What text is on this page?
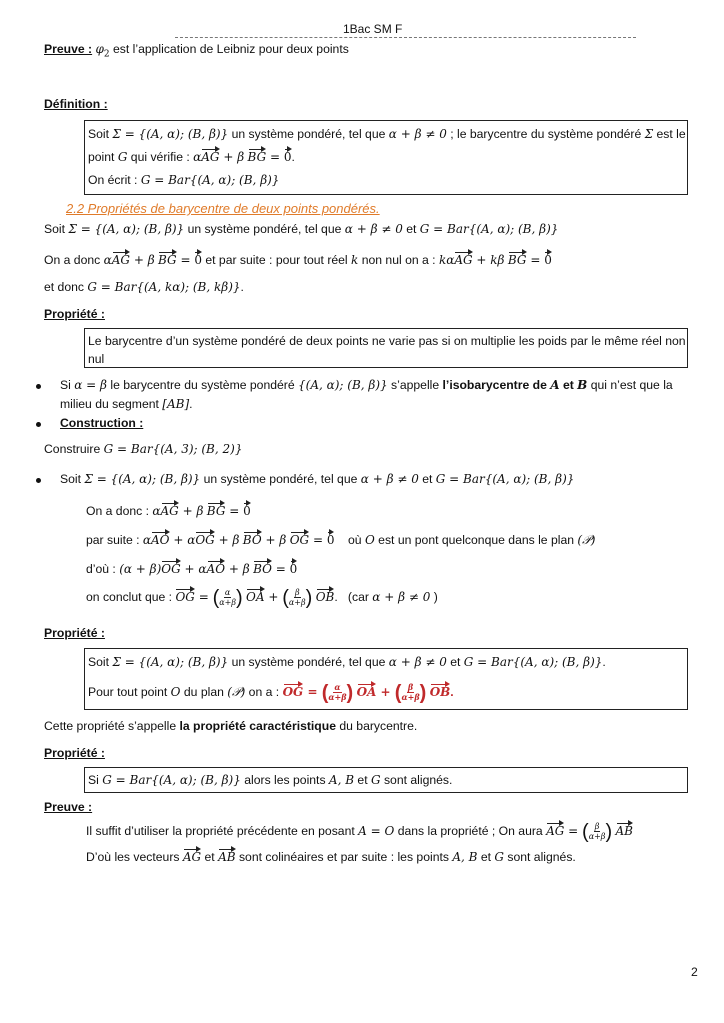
1Bac SM F
Preuve : $\varphi_2$ est l’application de Leibniz pour deux points
Définition :
Soit Σ = {(A, α); (B, β)} un système pondéré, tel que α + β ≠ 0 ; le barycentre du système pondéré Σ est le
point G qui vérifie : αAG + β BG = 0.
On écrit : G = Bar{(A, α); (B, β)}
2.2 Propriétés de barycentre de deux points pondérés.
Soit Σ = {(A, α); (B, β)} un système pondéré, tel que α + β ≠ 0 et G = Bar{(A, α); (B, β)}
On a donc αAG + β BG = 0 et par suite : pour tout réel k non nul on a : kαAG + kβ BG = 0
et donc G = Bar{(A, kα); (B, kβ)}.
Propriété :
Le barycentre d’un système pondéré de deux points ne varie pas si on multiplie les poids par le même réel non
nul
Si α = β le barycentre du système pondéré {(A, α); (B, β)} s’appelle l’isobarycentre de A et B qui n’est que la
milieu du segment [AB].
Construction :
Construire G = Bar{(A, 3); (B, 2)}
Soit Σ = {(A, α); (B, β)} un système pondéré, tel que α + β ≠ 0 et G = Bar{(A, α); (B, β)}
On a donc : αAG + β BG = 0
par suite : αAO + αOG + β BO + β OG = 0 où O est un pont quelconque dans le plan (𝒫)
d’où : (α + β)OG + αAO + β BO = 0
on conclut que : OG = ( $\frac{\alpha}{\alpha+\beta}$ ) OA + ( $\frac{\beta}{\alpha+\beta}$ ) OB. (car α + β ≠ 0 )
Propriété :
Soit Σ = {(A, α); (B, β)} un système pondéré, tel que α + β ≠ 0 et G = Bar{(A, α); (B, β)}.
Pour tout point O du plan (𝒫) on a : OG = ( $\frac{\alpha}{\alpha+\beta}$ ) OA + ( $\frac{\beta}{\alpha+\beta}$ ) OB.
Cette propriété s’appelle la propriété caractéristique du barycentre.
Propriété :
Si G = Bar{(A, α); (B, β)} alors les points A, B et G sont alignés.
Preuve :
Il suffit d’utiliser la propriété précédente en posant A = O dans la propriété ; On aura AG = ( $\frac{\beta}{\alpha+\beta}$ ) AB
D’où les vecteurs AG et AB sont colinéaires et par suite : les points A, B et G sont alignés.
2
